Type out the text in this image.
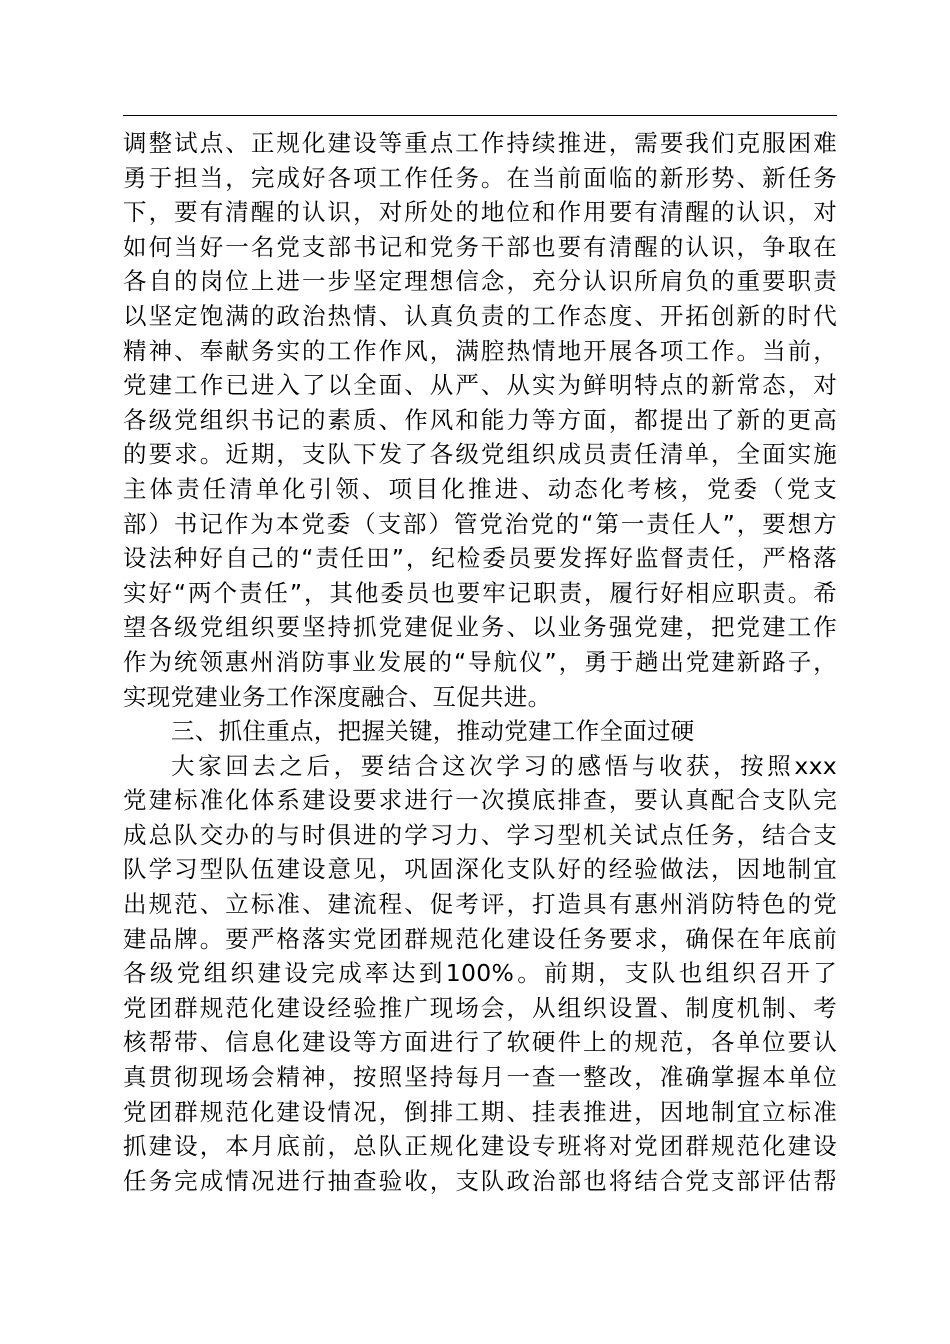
调整试点、正规化建设等重点工作持续推进，需要我们克服困难
勇于担当，完成好各项工作任务。在当前面临的新形势、新任务
下，要有清醒的认识，对所处的地位和作用要有清醒的认识，对
如何当好一名党支部书记和党务干部也要有清醒的认识，争取在
各自的岗位上进一步坚定理想信念，充分认识所肩负的重要职责
以坚定饱满的政治热情、认真负责的工作态度、开拓创新的时代
精神、奉献务实的工作作风，满腔热情地开展各项工作。当前，
党建工作已进入了以全面、从严、从实为鲜明特点的新常态，对
各级党组织书记的素质、作风和能力等方面，都提出了新的更高
的要求。近期，支队下发了各级党组织成员责任清单，全面实施
主体责任清单化引领、项目化推进、动态化考核，党委（党支
部）书记作为本党委（支部）管党治党的“第一责任人”，要想方
设法种好自己的“责任田”，纪检委员要发挥好监督责任，严格落
实好“两个责任”，其他委员也要牢记职责，履行好相应职责。希
望各级党组织要坚持抓党建促业务、以业务强党建，把党建工作
作为统领惠州消防事业发展的“导航仪”，勇于趟出党建新路子，
实现党建业务工作深度融合、互促共进。
三、抓住重点，把握关键，推动党建工作全面过硬
大家回去之后，要结合这次学习的感悟与收获，按照xxx
党建标准化体系建设要求进行一次摸底排查，要认真配合支队完
成总队交办的与时俱进的学习力、学习型机关试点任务，结合支
队学习型队伍建设意见，巩固深化支队好的经验做法，因地制宜
出规范、立标准、建流程、促考评，打造具有惠州消防特色的党
建品牌。要严格落实党团群规范化建设任务要求，确保在年底前
各级党组织建设完成率达到100%。前期，支队也组织召开了
党团群规范化建设经验推广现场会，从组织设置、制度机制、考
核帮带、信息化建设等方面进行了软硬件上的规范，各单位要认
真贯彻现场会精神，按照坚持每月一查一整改，准确掌握本单位
党团群规范化建设情况，倒排工期、挂表推进，因地制宜立标准
抓建设，本月底前，总队正规化建设专班将对党团群规范化建设
任务完成情况进行抽查验收，支队政治部也将结合党支部评估帮
